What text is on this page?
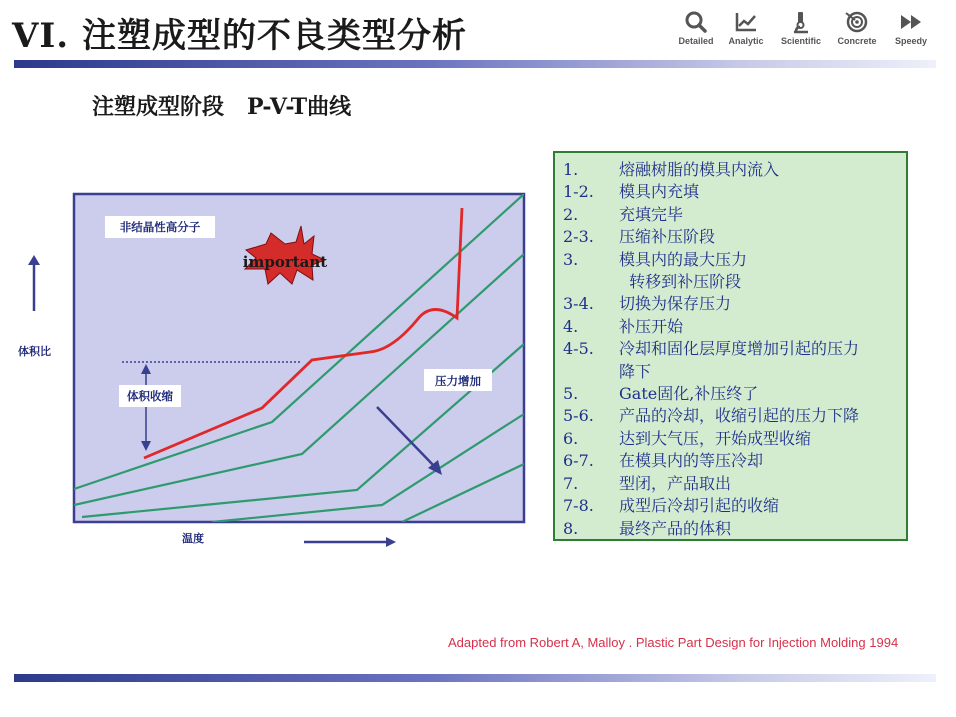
VI. 注塑成型的不良类型分析	Detailed	Analytic	Scientific	Concrete	Speedy
注塑成型阶段   P-V-T曲线
体积比
important
非结晶性高分子
体积收缩
压力增加
温度
1.	熔融树脂的模具内流入
1-2.	模具内充填
2.	充填完毕
2-3.	压缩补压阶段
3.	模具内的最大压力
转移到补压阶段
3-4.	切换为保存压力
4.	补压开始
4-5.	冷却和固化层厚度增加引起的压力
降下
5.	Gate固化,补压终了
5-6.	产品的冷却，收缩引起的压力下降
6.	达到大气压，开始成型收缩
6-7.	在模具内的等压冷却
7.	型闭，产品取出
7-8.	成型后冷却引起的收缩
8.	最终产品的体积
Adapted from Robert A, Malloy . Plastic Part Design for Injection Molding 1994
